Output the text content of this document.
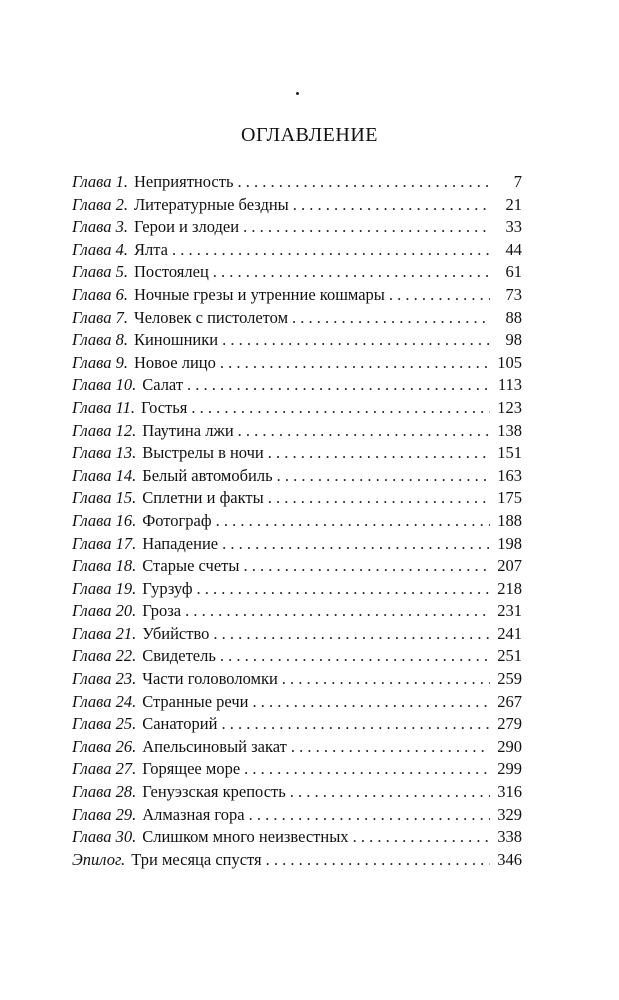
ОГЛАВЛЕНИЕ
Глава 1. Неприятность . . .	7
Глава 2. Литературные бездны . . .	21
Глава 3. Герои и злодеи . . .	33
Глава 4. Ялта . . .	44
Глава 5. Постоялец . . .	61
Глава 6. Ночные грезы и утренние кошмары . . .	73
Глава 7. Человек с пистолетом . . .	88
Глава 8. Киношники . . .	98
Глава 9. Новое лицо . . .	105
Глава 10. Салат . . .	113
Глава 11. Гостья . . .	123
Глава 12. Паутина лжи . . .	138
Глава 13. Выстрелы в ночи . . .	151
Глава 14. Белый автомобиль . . .	163
Глава 15. Сплетни и факты . . .	175
Глава 16. Фотограф . . .	188
Глава 17. Нападение . . .	198
Глава 18. Старые счеты . . .	207
Глава 19. Гурзуф . . .	218
Глава 20. Гроза . . .	231
Глава 21. Убийство . . .	241
Глава 22. Свидетель . . .	251
Глава 23. Части головоломки . . .	259
Глава 24. Странные речи . . .	267
Глава 25. Санаторий . . .	279
Глава 26. Апельсиновый закат . . .	290
Глава 27. Горящее море . . .	299
Глава 28. Генуэзская крепость . . .	316
Глава 29. Алмазная гора . . .	329
Глава 30. Слишком много неизвестных . . .	338
Эпилог. Три месяца спустя . . .	346
